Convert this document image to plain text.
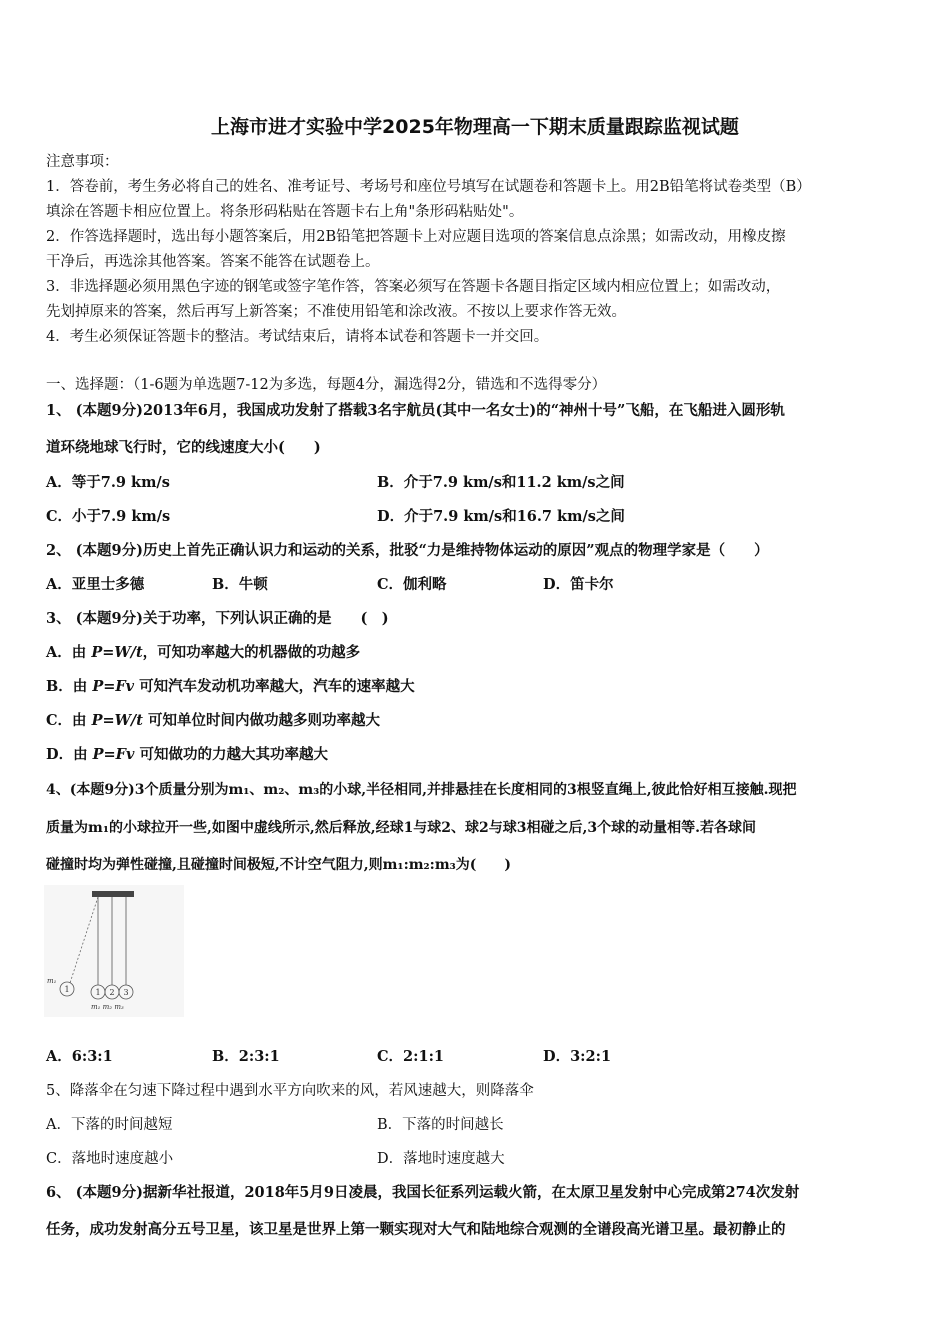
上海市进才实验中学2025年物理高一下期末质量跟踪监视试题
注意事项：
1．答卷前，考生务必将自己的姓名、准考证号、考场号和座位号填写在试题卷和答题卡上。用2B铅笔将试卷类型（B）
填涂在答题卡相应位置上。将条形码粘贴在答题卡右上角"条形码粘贴处"。
2．作答选择题时，选出每小题答案后，用2B铅笔把答题卡上对应题目选项的答案信息点涂黑；如需改动，用橡皮擦
干净后，再选涂其他答案。答案不能答在试题卷上。
3．非选择题必须用黑色字迹的钢笔或签字笔作答，答案必须写在答题卡各题目指定区域内相应位置上；如需改动，
先划掉原来的答案，然后再写上新答案；不准使用铅笔和涂改液。不按以上要求作答无效。
4．考生必须保证答题卡的整洁。考试结束后，请将本试卷和答题卡一并交回。
一、选择题：（1-6题为单选题7-12为多选，每题4分，漏选得2分，错选和不选得零分）
1、 (本题9分)2013年6月，我国成功发射了搭载3名宇航员(其中一名女士)的“神州十号”飞船，在飞船进入圆形轨
道环绕地球飞行时，它的线速度大小(　　)
A．等于7.9 km/s	B．介于7.9 km/s和11.2 km/s之间
C．小于7.9 km/s	D．介于7.9 km/s和16.7 km/s之间
2、 (本题9分)历史上首先正确认识力和运动的关系，批驳“力是维持物体运动的原因”观点的物理学家是（　　）
A．亚里士多德	B．牛顿	C．伽利略	D．笛卡尔
3、 (本题9分)关于功率，下列认识正确的是　　(　)
A．由 P=W/t，可知功率越大的机器做的功越多
B．由 P=Fv 可知汽车发动机功率越大，汽车的速率越大
C．由 P=W/t 可知单位时间内做功越多则功率越大
D．由 P=Fv 可知做功的力越大其功率越大
4、(本题9分)3个质量分别为m₁、m₂、m₃的小球,半径相同,并排悬挂在长度相同的3根竖直绳上,彼此恰好相互接触.现把
质量为m₁的小球拉开一些,如图中虚线所示,然后释放,经球1与球2、球2与球3相碰之后,3个球的动量相等.若各球间
碰撞时均为弹性碰撞,且碰撞时间极短,不计空气阻力,则m₁:m₂:m₃为(　　)
1
m₁
1 2 3
m₁ m₂ m₃
A．6:3:1	B．2:3:1	C．2:1:1	D．3:2:1
5、降落伞在匀速下降过程中遇到水平方向吹来的风，若风速越大，则降落伞
A．下落的时间越短	B．下落的时间越长
C．落地时速度越小	D．落地时速度越大
6、 (本题9分)据新华社报道，2018年5月9日凌晨，我国长征系列运载火箭，在太原卫星发射中心完成第274次发射
任务，成功发射高分五号卫星，该卫星是世界上第一颗实现对大气和陆地综合观测的全谱段高光谱卫星。最初静止的
